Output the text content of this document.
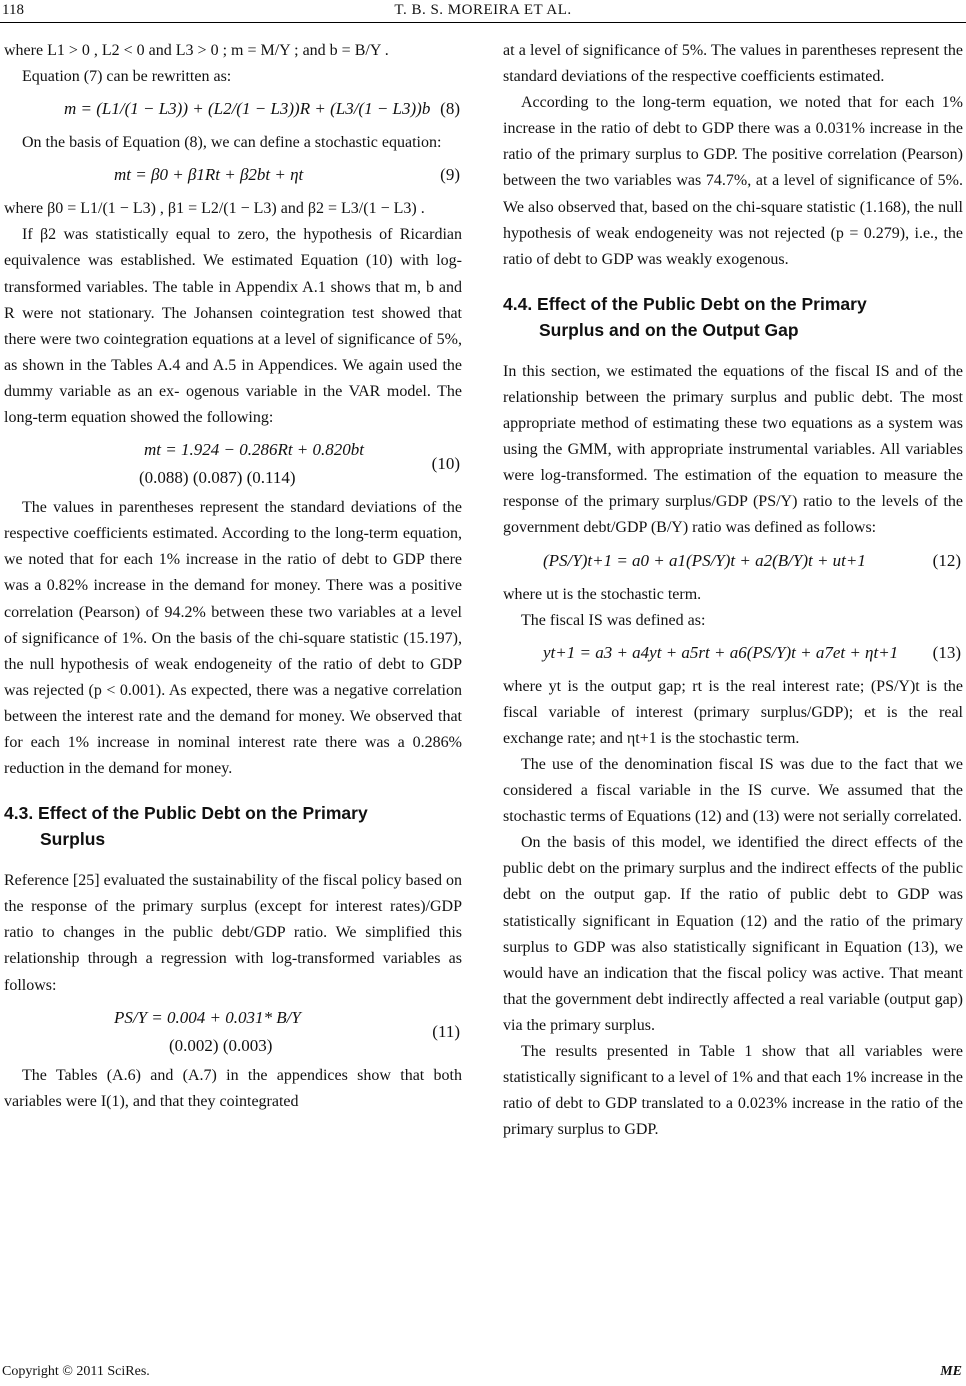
118	T. B. S. MOREIRA ET AL.

where L1 > 0 , L2 < 0 and L3 > 0 ; m = M/Y ; and b = B/Y .

Equation (7) can be rewritten as:

m = (L1/(1 − L3)) + (L2/(1 − L3))R + (L3/(1 − L3))b (8)

On the basis of Equation (8), we can define a stochastic equation:

mt = β0 + β1Rt + β2bt + ηt	(9)

where β0 = L1/(1 − L3) , β1 = L2/(1 − L3) and β2 = L3/(1 − L3) .

If β2 was statistically equal to zero, the hypothesis of Ricardian equivalence was established. We estimated Equation (10) with log-transformed variables. The table in Appendix A.1 shows that m, b and R were not stationary. The Johansen cointegration test showed that there were two cointegration equations at a level of significance of 5%, as shown in the Tables A.4 and A.5 in Appendices. We again used the dummy variable as an ex- ogenous variable in the VAR model. The long-term equation showed the following:

mt = 1.924 − 0.286Rt + 0.820bt
(0.088) (0.087) (0.114)
(10)

The values in parentheses represent the standard deviations of the respective coefficients estimated. According to the long-term equation, we noted that for each 1% increase in the ratio of debt to GDP there was a 0.82% increase in the demand for money. There was a positive correlation (Pearson) of 94.2% between these two variables at a level of significance of 1%. On the basis of the chi-square statistic (15.197), the null hypothesis of weak endogeneity of the ratio of debt to GDP was rejected (p < 0.001). As expected, there was a negative correlation between the interest rate and the demand for money. We observed that for each 1% increase in nominal interest rate there was a 0.286% reduction in the demand for money.

4.3. Effect of the Public Debt on the Primary
Surplus

Reference [25] evaluated the sustainability of the fiscal policy based on the response of the primary surplus (except for interest rates)/GDP ratio to changes in the public debt/GDP ratio. We simplified this relationship through a regression with log-transformed variables as follows:

PS/Y = 0.004 + 0.031* B/Y
(0.002) (0.003)
(11)

The Tables (A.6) and (A.7) in the appendices show that both variables were I(1), and that they cointegrated

at a level of significance of 5%. The values in parentheses represent the standard deviations of the respective coefficients estimated.

According to the long-term equation, we noted that for each 1% increase in the ratio of debt to GDP there was a 0.031% increase in the ratio of the primary surplus to GDP. The positive correlation (Pearson) between the two variables was 74.7%, at a level of significance of 5%. We also observed that, based on the chi-square statistic (1.168), the null hypothesis of weak endogeneity was not rejected (p = 0.279), i.e., the ratio of debt to GDP was weakly exogenous.

4.4. Effect of the Public Debt on the Primary
Surplus and on the Output Gap

In this section, we estimated the equations of the fiscal IS and of the relationship between the primary surplus and public debt. The most appropriate method of estimating these two equations as a system was using the GMM, with appropriate instrumental variables. All variables were log-transformed. The estimation of the equation to measure the response of the primary surplus/GDP (PS/Y) ratio to the levels of the government debt/GDP (B/Y) ratio was defined as follows:

(PS/Y)t+1 = a0 + a1(PS/Y)t + a2(B/Y)t + ut+1	(12)

where ut is the stochastic term.

The fiscal IS was defined as:

yt+1 = a3 + a4yt + a5rt + a6(PS/Y)t + a7et + ηt+1 (13)

where yt is the output gap; rt is the real interest rate; (PS/Y)t is the fiscal variable of interest (primary surplus/GDP); et is the real exchange rate; and ηt+1 is the stochastic term.

The use of the denomination fiscal IS was due to the fact that we considered a fiscal variable in the IS curve. We assumed that the stochastic terms of Equations (12) and (13) were not serially correlated.

On the basis of this model, we identified the direct effects of the public debt on the primary surplus and the indirect effects of the public debt on the output gap. If the ratio of public debt to GDP was statistically significant in Equation (12) and the ratio of the primary surplus to GDP was also statistically significant in Equation (13), we would have an indication that the fiscal policy was active. That meant that the government debt indirectly affected a real variable (output gap) via the primary surplus.

The results presented in Table 1 show that all variables were statistically significant to a level of 1% and that each 1% increase in the ratio of debt to GDP translated to a 0.023% increase in the ratio of the primary surplus to GDP.

Copyright © 2011 SciRes.	ME
